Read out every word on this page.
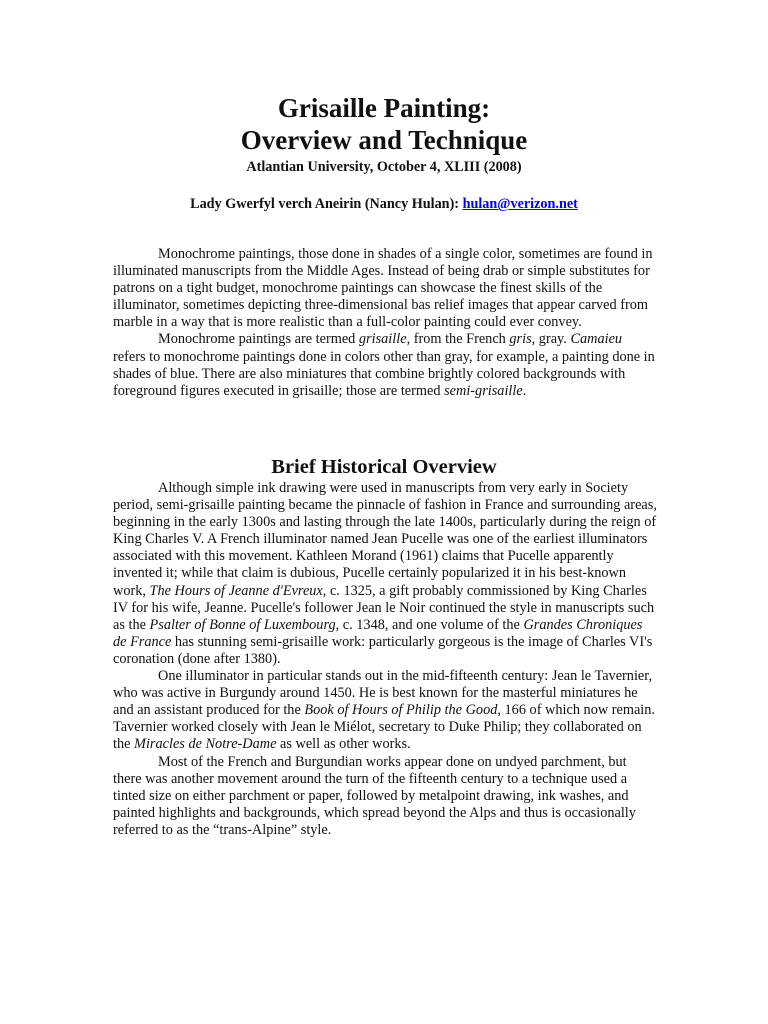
Grisaille Painting:
Overview and Technique
Atlantian University, October 4, XLIII (2008)
Lady Gwerfyl verch Aneirin (Nancy Hulan): hulan@verizon.net

Monochrome paintings, those done in shades of a single color, sometimes are found in illuminated manuscripts from the Middle Ages. Instead of being drab or simple substitutes for patrons on a tight budget, monochrome paintings can showcase the finest skills of the illuminator, sometimes depicting three-dimensional bas relief images that appear carved from marble in a way that is more realistic than a full-color painting could ever convey.

Monochrome paintings are termed grisaille, from the French gris, gray. Camaieu refers to monochrome paintings done in colors other than gray, for example, a painting done in shades of blue. There are also miniatures that combine brightly colored backgrounds with foreground figures executed in grisaille; those are termed semi-grisaille.

Brief Historical Overview

Although simple ink drawing were used in manuscripts from very early in Society period, semi-grisaille painting became the pinnacle of fashion in France and surrounding areas, beginning in the early 1300s and lasting through the late 1400s, particularly during the reign of King Charles V. A French illuminator named Jean Pucelle was one of the earliest illuminators associated with this movement. Kathleen Morand (1961) claims that Pucelle apparently invented it; while that claim is dubious, Pucelle certainly popularized it in his best-known work, The Hours of Jeanne d'Evreux, c. 1325, a gift probably commissioned by King Charles IV for his wife, Jeanne. Pucelle's follower Jean le Noir continued the style in manuscripts such as the Psalter of Bonne of Luxembourg, c. 1348, and one volume of the Grandes Chroniques de France has stunning semi-grisaille work: particularly gorgeous is the image of Charles VI's coronation (done after 1380).

One illuminator in particular stands out in the mid-fifteenth century: Jean le Tavernier, who was active in Burgundy around 1450. He is best known for the masterful miniatures he and an assistant produced for the Book of Hours of Philip the Good, 166 of which now remain. Tavernier worked closely with Jean le Miélot, secretary to Duke Philip; they collaborated on the Miracles de Notre-Dame as well as other works.

Most of the French and Burgundian works appear done on undyed parchment, but there was another movement around the turn of the fifteenth century to a technique used a tinted size on either parchment or paper, followed by metalpoint drawing, ink washes, and painted highlights and backgrounds, which spread beyond the Alps and thus is occasionally referred to as the “trans-Alpine” style.
